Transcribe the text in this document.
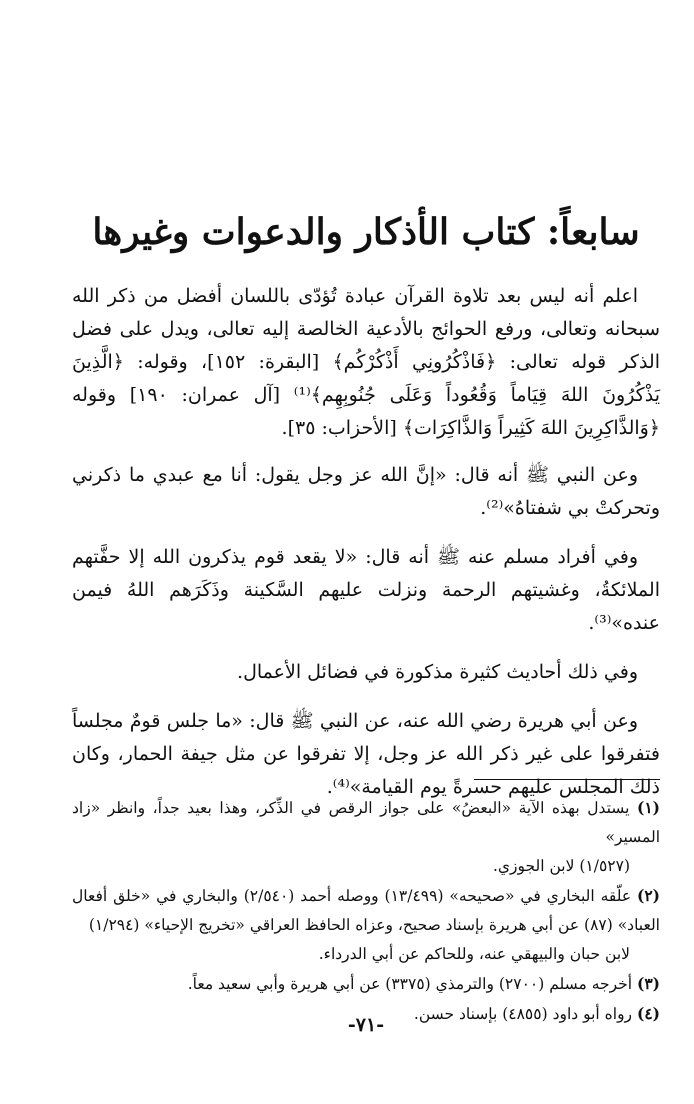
سابعاً: كتاب الأذكار والدعوات وغيرها

اعلم أنه ليس بعد تلاوة القرآن عبادة تُؤدّى باللسان أفضل من ذكر الله سبحانه وتعالى، ورفع الحوائج بالأدعية الخالصة إليه تعالى، ويدل على فضل الذكر قوله تعالى: ﴿فَاذْكُرُونِي أَذْكُرْكُم﴾ [البقرة: ١٥٢]، وقوله: ﴿الَّذِينَ يَذْكُرُونَ اللهَ قِيَاماً وَقُعُوداً وَعَلَى جُنُوبِهِم﴾⁽¹⁾ [آل عمران: ١٩٠] وقوله ﴿وَالذَّاكِرِينَ اللهَ كَثِيراً وَالذَّاكِرَات﴾ [الأحزاب: ٣٥].

وعن النبي ﷺ أنه قال: «إنَّ الله عز وجل يقول: أنا مع عبدي ما ذكرني وتحركتْ بي شفتاهُ»⁽²⁾.

وفي أفراد مسلم عنه ﷺ أنه قال: «لا يقعد قوم يذكرون الله إلا حفَّتهم الملائكةُ، وغشيتهم الرحمة ونزلت عليهم السَّكينة وذَكَرَهم اللهُ فيمن عنده»⁽³⁾.

وفي ذلك أحاديث كثيرة مذكورة في فضائل الأعمال.

وعن أبي هريرة رضي الله عنه، عن النبي ﷺ قال: «ما جلس قومٌ مجلساً فتفرقوا على غير ذكر الله عز وجل، إلا تفرقوا عن مثل جيفة الحمار، وكان ذلك المجلس عليهم حسرةً يوم القيامة»⁽⁴⁾.

(١) يستدل بهذه الآية «البعضُ» على جواز الرقص في الذِّكر، وهذا بعيد جداً، وانظر «زاد المسير»
(١/٥٢٧) لابن الجوزي.

(٢) علّقه البخاري في «صحيحه» (١٣/٤٩٩) ووصله أحمد (٢/٥٤٠) والبخاري في «خلق أفعال العباد» (٨٧) عن أبي هريرة بإسناد صحيح، وعزاه الحافظ العراقي «تخريج الإحياء» (١/٢٩٤)
لابن حبان والبيهقي عنه، وللحاكم عن أبي الدرداء.

(٣) أخرجه مسلم (٢٧٠٠) والترمذي (٣٣٧٥) عن أبي هريرة وأبي سعيد معاً.

(٤) رواه أبو داود (٤٨٥٥) بإسناد حسن.

-٧١-
